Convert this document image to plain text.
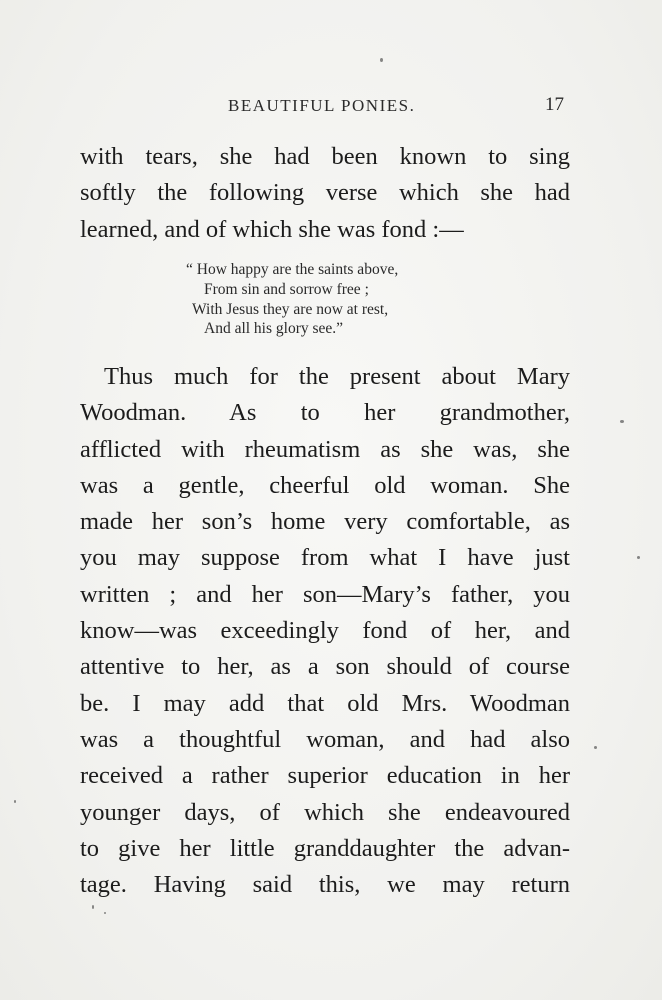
BEAUTIFUL PONIES.	17
with tears, she had been known to sing
softly the following verse which she had
learned, and of which she was fond :—
“ How happy are the saints above,
From sin and sorrow free ;
With Jesus they are now at rest,
And all his glory see.”
Thus much for the present about Mary
Woodman. As to her grandmother,
afflicted with rheumatism as she was, she
was a gentle, cheerful old woman. She
made her son’s home very comfortable, as
you may suppose from what I have just
written ; and her son—Mary’s father, you
know—was exceedingly fond of her, and
attentive to her, as a son should of course
be. I may add that old Mrs. Woodman
was a thoughtful woman, and had also
received a rather superior education in her
younger days, of which she endeavoured
to give her little granddaughter the advan-
tage. Having said this, we may return
